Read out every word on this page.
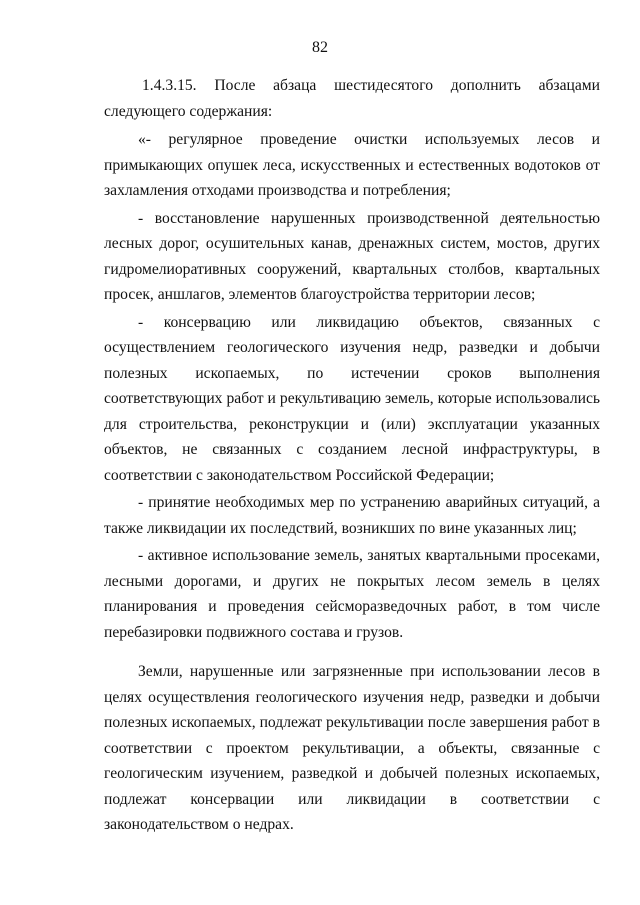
82

1.4.3.15. После абзаца шестидесятого дополнить абзацами следующего содержания:

«- регулярное проведение очистки используемых лесов и примыкающих опушек леса, искусственных и естественных водотоков от захламления отходами производства и потребления;

- восстановление нарушенных производственной деятельностью лесных дорог, осушительных канав, дренажных систем, мостов, других гидромелиоративных сооружений, квартальных столбов, квартальных просек, аншлагов, элементов благоустройства территории лесов;

- консервацию или ликвидацию объектов, связанных с осуществлением геологического изучения недр, разведки и добычи полезных ископаемых, по истечении сроков выполнения соответствующих работ и рекультивацию земель, которые использовались для строительства, реконструкции и (или) эксплуатации указанных объектов, не связанных с созданием лесной инфраструктуры, в соответствии с законодательством Российской Федерации;

- принятие необходимых мер по устранению аварийных ситуаций, а также ликвидации их последствий, возникших по вине указанных лиц;

- активное использование земель, занятых квартальными просеками, лесными дорогами, и других не покрытых лесом земель в целях планирования и проведения сейсморазведочных работ, в том числе перебазировки подвижного состава и грузов.

Земли, нарушенные или загрязненные при использовании лесов в целях осуществления геологического изучения недр, разведки и добычи полезных ископаемых, подлежат рекультивации после завершения работ в соответствии с проектом рекультивации, а объекты, связанные с геологическим изучением, разведкой и добычей полезных ископаемых, подлежат консервации или ликвидации в соответствии с законодательством о недрах.
